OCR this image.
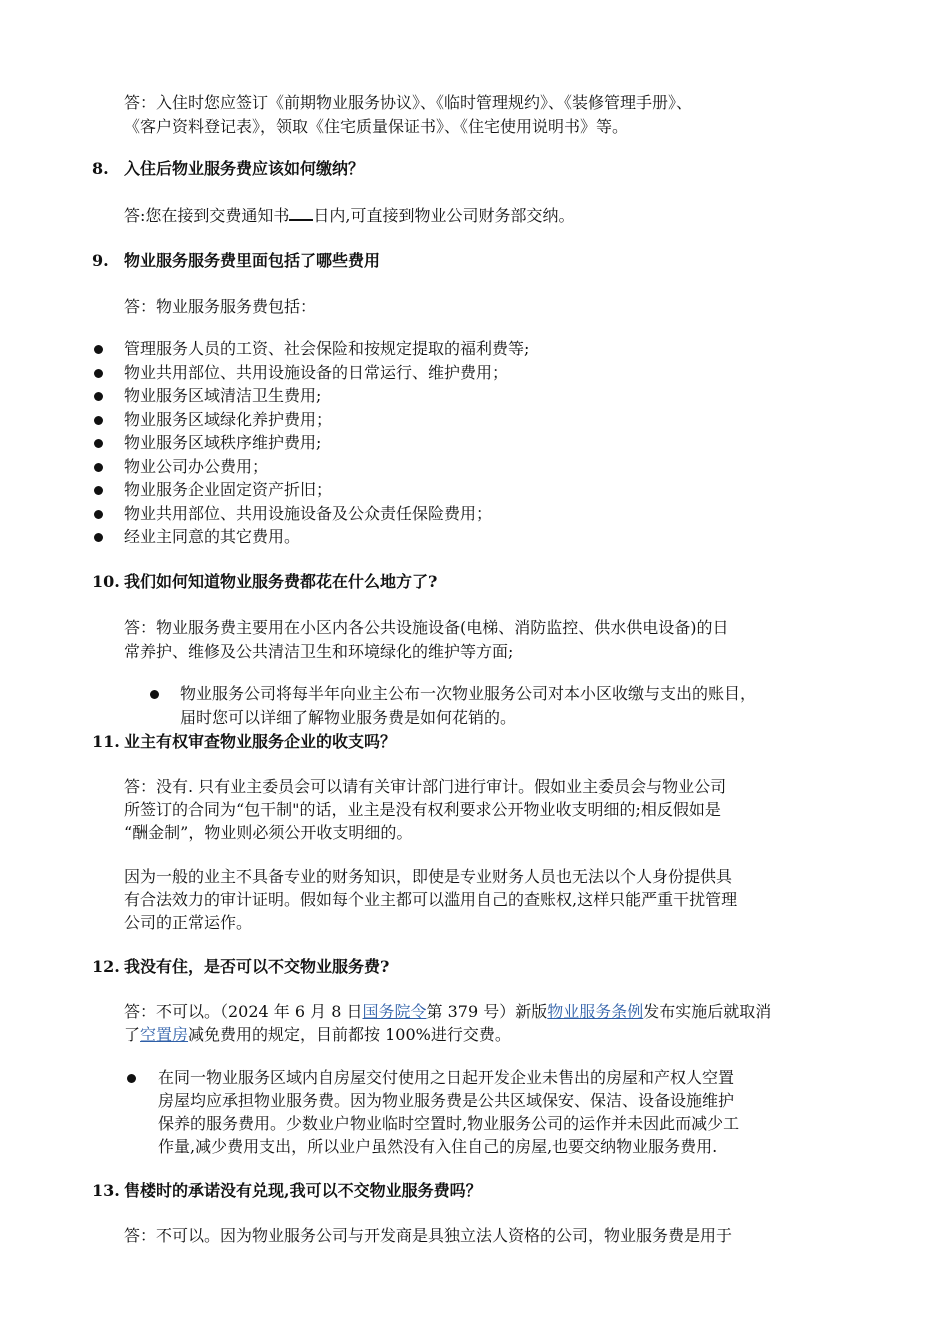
答：入住时您应签订《前期物业服务协议》、《临时管理规约》、《装修管理手册》、
《客户资料登记表》，领取《住宅质量保证书》、《住宅使用说明书》等。
8. 入住后物业服务费应该如何缴纳？
答:您在接到交费通知书 日内,可直接到物业公司财务部交纳。
9. 物业服务服务费里面包括了哪些费用
答：物业服务服务费包括：
管理服务人员的工资、社会保险和按规定提取的福利费等;
物业共用部位、共用设施设备的日常运行、维护费用；
物业服务区域清洁卫生费用;
物业服务区域绿化养护费用；
物业服务区域秩序维护费用;
物业公司办公费用；
物业服务企业固定资产折旧；
物业共用部位、共用设施设备及公众责任保险费用；
经业主同意的其它费用。
10. 我们如何知道物业服务费都花在什么地方了?
答：物业服务费主要用在小区内各公共设施设备(电梯、消防监控、供水供电设备)的日
常养护、维修及公共清洁卫生和环境绿化的维护等方面;
物业服务公司将每半年向业主公布一次物业服务公司对本小区收缴与支出的账目，
届时您可以详细了解物业服务费是如何花销的。
11. 业主有权审查物业服务企业的收支吗？
答：没有. 只有业主委员会可以请有关审计部门进行审计。假如业主委员会与物业公司
所签订的合同为“包干制"的话，业主是没有权利要求公开物业收支明细的;相反假如是
“酬金制”，物业则必须公开收支明细的。
因为一般的业主不具备专业的财务知识，即使是专业财务人员也无法以个人身份提供具
有合法效力的审计证明。假如每个业主都可以滥用自己的查账权,这样只能严重干扰管理
公司的正常运作。
12. 我没有住，是否可以不交物业服务费?
答：不可以。（2024 年 6 月 8 日国务院令第 379 号）新版物业服务条例发布实施后就取消
了空置房减免费用的规定，目前都按 100%进行交费。
在同一物业服务区域内自房屋交付使用之日起开发企业未售出的房屋和产权人空置
房屋均应承担物业服务费。因为物业服务费是公共区域保安、保洁、设备设施维护
保养的服务费用。少数业户物业临时空置时,物业服务公司的运作并未因此而减少工
作量,减少费用支出，所以业户虽然没有入住自己的房屋,也要交纳物业服务费用.
13. 售楼时的承诺没有兑现,我可以不交物业服务费吗？
答：不可以。因为物业服务公司与开发商是具独立法人资格的公司，物业服务费是用于
